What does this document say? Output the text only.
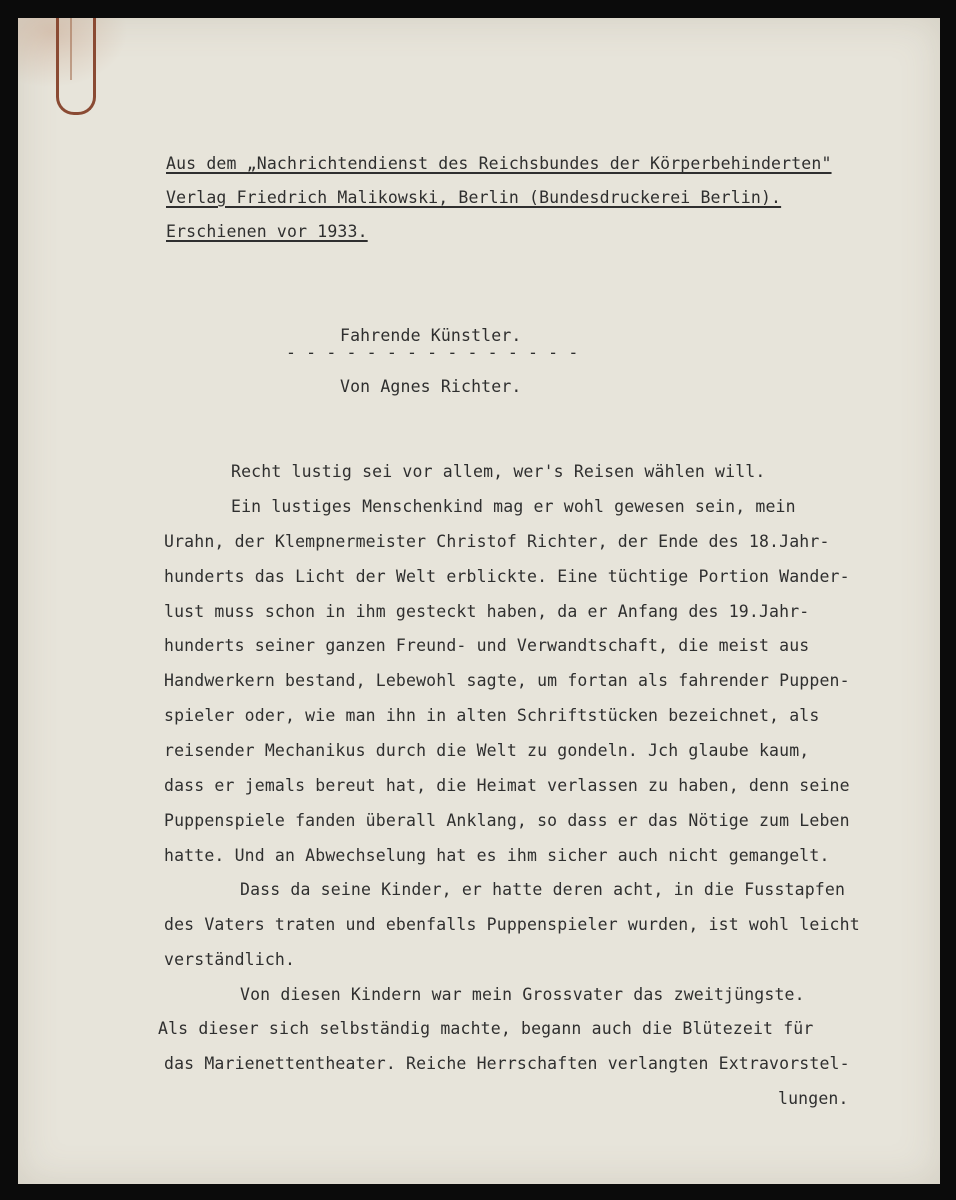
Aus dem „Nachrichtendienst des Reichsbundes der Körperbehinderten"
Verlag Friedrich Malikowski, Berlin (Bundesdruckerei Berlin).
Erschienen vor 1933.
Fahrende Künstler.
- - - - - - - - - - - - - - -
Von Agnes Richter.
Recht lustig sei vor allem, wer's Reisen wählen will.
Ein lustiges Menschenkind mag er wohl gewesen sein, mein
Urahn, der Klempnermeister Christof Richter, der Ende des 18.Jahr-
hunderts das Licht der Welt erblickte. Eine tüchtige Portion Wander-
lust muss schon in ihm gesteckt haben, da er Anfang des 19.Jahr-
hunderts seiner ganzen Freund- und Verwandtschaft, die meist aus
Handwerkern bestand, Lebewohl sagte, um fortan als fahrender Puppen-
spieler oder, wie man ihn in alten Schriftstücken bezeichnet, als
reisender Mechanikus durch die Welt zu gondeln. Jch glaube kaum,
dass er jemals bereut hat, die Heimat verlassen zu haben, denn seine
Puppenspiele fanden überall Anklang, so dass er das Nötige zum Leben
hatte. Und an Abwechselung hat es ihm sicher auch nicht gemangelt.
Dass da seine Kinder, er hatte deren acht, in die Fusstapfen
des Vaters traten und ebenfalls Puppenspieler wurden, ist wohl leicht
verständlich.
Von diesen Kindern war mein Grossvater das zweitjüngste.
Als dieser sich selbständig machte, begann auch die Blütezeit für
das Marienettentheater. Reiche Herrschaften verlangten Extravorstel-
lungen.
